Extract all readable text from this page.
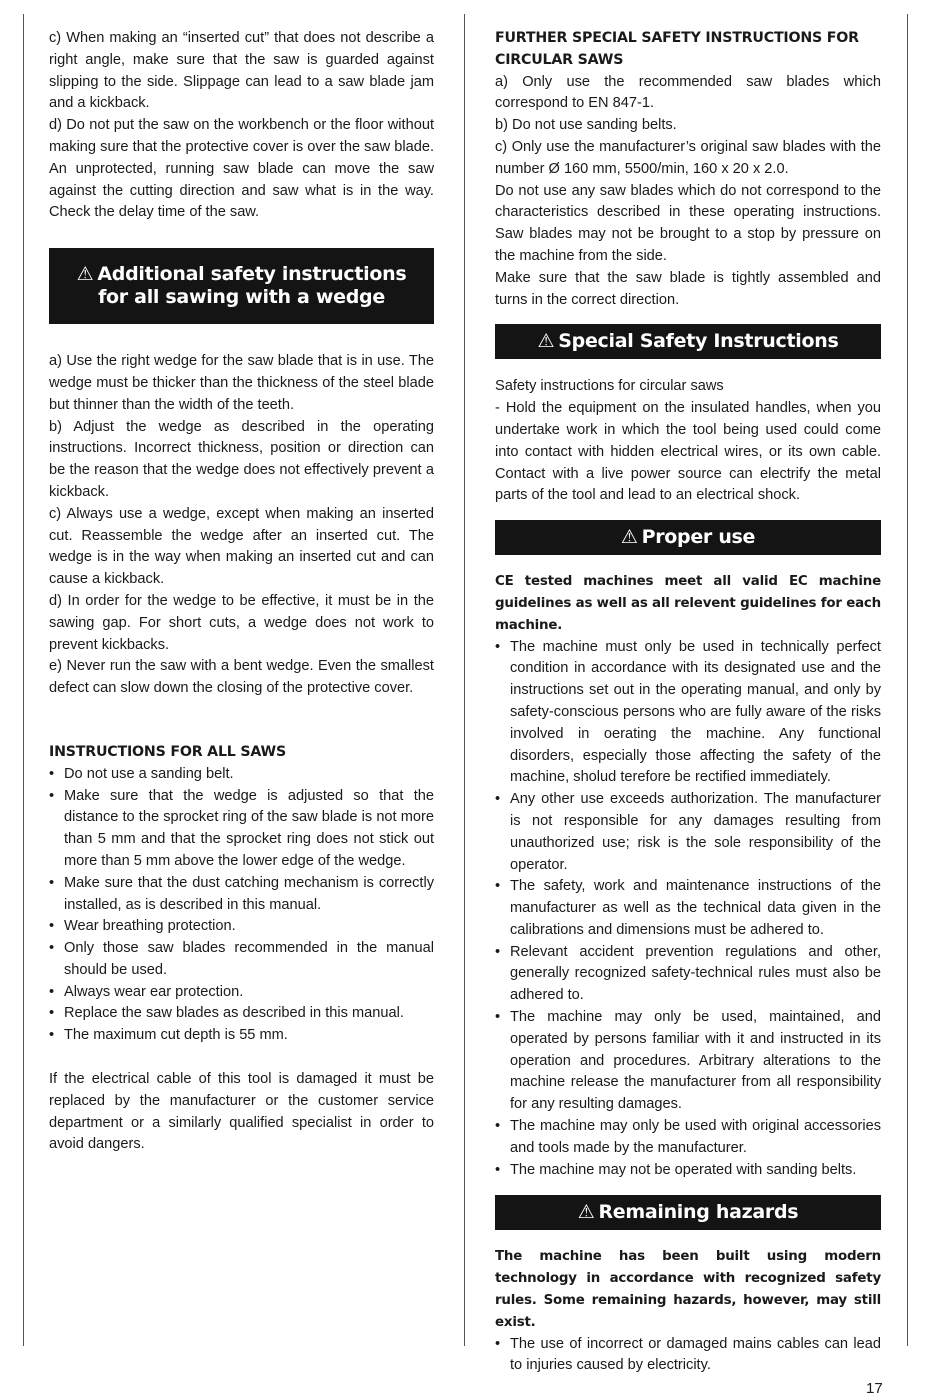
c) When making an “inserted cut” that does not describe a right angle, make sure that the saw is guarded against slipping to the side. Slippage can lead to a saw blade jam and a kickback.

d) Do not put the saw on the workbench or the floor without making sure that the protective cover is over the saw blade. An unprotected, running saw blade can move the saw against the cutting direction and saw what is in the way. Check the delay time of the saw.

⚠ Additional safety instructions for all sawing with a wedge

a) Use the right wedge for the saw blade that is in use. The wedge must be thicker than the thickness of the steel blade but thinner than the width of the teeth.

b) Adjust the wedge as described in the operating instructions. Incorrect thickness, position or direction can be the reason that the wedge does not effectively prevent a kickback.

c) Always use a wedge, except when making an inserted cut. Reassemble the wedge after an inserted cut. The wedge is in the way when making an inserted cut and can cause a kickback.

d) In order for the wedge to be effective, it must be in the sawing gap. For short cuts, a wedge does not work to prevent kickbacks.

e) Never run the saw with a bent wedge. Even the smallest defect can slow down the closing of the protective cover.

INSTRUCTIONS FOR ALL SAWS

• Do not use a sanding belt.
• Make sure that the wedge is adjusted so that the distance to the sprocket ring of the saw blade is not more than 5 mm and that the sprocket ring does not stick out more than 5 mm above the lower edge of the wedge.
• Make sure that the dust catching mechanism is correctly installed, as is described in this manual.
• Wear breathing protection.
• Only those saw blades recommended in the manual should be used.
• Always wear ear protection.
• Replace the saw blades as described in this manual.
• The maximum cut depth is 55 mm.

If the electrical cable of this tool is damaged it must be replaced by the manufacturer or the customer service department or a similarly qualified specialist in order to avoid dangers.

FURTHER SPECIAL SAFETY INSTRUCTIONS FOR CIRCULAR SAWS

a) Only use the recommended saw blades which correspond to EN 847-1.

b) Do not use sanding belts.

c) Only use the manufacturer’s original saw blades with the number Ø 160 mm, 5500/min, 160 x 20 x 2.0.

Do not use any saw blades which do not correspond to the characteristics described in these operating instructions. Saw blades may not be brought to a stop by pressure on the machine from the side.

Make sure that the saw blade is tightly assembled and turns in the correct direction.

⚠ Special Safety Instructions

Safety instructions for circular saws

- Hold the equipment on the insulated handles, when you undertake work in which the tool being used could come into contact with hidden electrical wires, or its own cable. Contact with a live power source can electrify the metal parts of the tool and lead to an electrical shock.

⚠ Proper use

CE tested machines meet all valid EC machine guidelines as well as all relevent guidelines for each machine.

• The machine must only be used in technically perfect condition in accordance with its designated use and the instructions set out in the operating manual, and only by safety-conscious persons who are fully aware of the risks involved in oerating the machine. Any functional disorders, especially those affecting the safety of the machine, sholud terefore be rectified immediately.
• Any other use exceeds authorization. The manufacturer is not responsible for any damages resulting from unauthorized use; risk is the sole responsibility of the operator.
• The safety, work and maintenance instructions of the manufacturer as well as the technical data given in the calibrations and dimensions must be adhered to.
• Relevant accident prevention regulations and other, generally recognized safety-technical rules must also be adhered to.
• The machine may only be used, maintained, and operated by persons familiar with it and instructed in its operation and procedures. Arbitrary alterations to the machine release the manufacturer from all responsibility for any resulting damages.
• The machine may only be used with original accessories and tools made by the manufacturer.
• The machine may not be operated with sanding belts.
⚠ Remaining hazards

The machine has been built using modern technology in accordance with recognized safety rules. Some remaining hazards, however, may still exist.

• The use of incorrect or damaged mains cables can lead to injuries caused by electricity.
17
